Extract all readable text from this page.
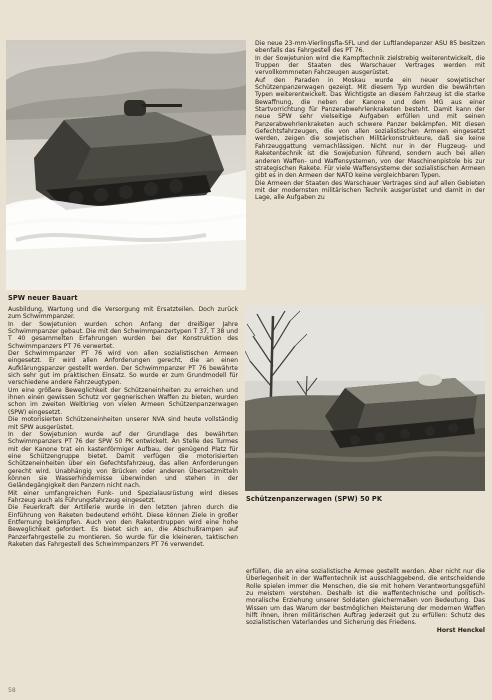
SPW neuer Bauart

Die neue 23-mm-Vierlingsfla-SFL und der Luftlandepanzer ASU 85 besitzen ebenfalls das Fahrgestell des PT 76.

In der Sowjetunion wird die Kampftechnik zielstrebig weiterentwickelt, die Truppen der Staaten des Warschauer Vertrages werden mit vervollkommneten Fahrzeugen ausgerüstet.

Auf den Paraden in Moskau wurde ein neuer sowjetischer Schützenpanzerwagen gezeigt. Mit diesem Typ wurden die bewährten Typen weiterentwickelt. Das Wichtigste an diesem Fahrzeug ist die starke Bewaffnung, die neben der Kanone und dem MG aus einer Startvorrichtung für Panzerabwehrlenkraketen besteht. Damit kann der neue SPW sehr vielseitige Aufgaben erfüllen und mit seinen Panzerabwehrlenkraketen auch schwere Panzer bekämpfen. Mit diesen Gefechtsfahrzeugen, die von allen sozialistischen Armeen eingesetzt werden, zeigen die sowjetischen Militärkonstrukteure, daß sie keine Fahrzeuggattung vernachlässigen. Nicht nur in der Flugzeug- und Raketentechnik ist die Sowjetunion führend, sondern auch bei allen anderen Waffen- und Waffensystemen, von der Maschinenpistole bis zur strategischen Rakete. Für viele Waffensysteme der sozialistischen Armeen gibt es in den Armeen der NATO keine vergleichbaren Typen.

Die Armeen der Staaten des Warschauer Vertrages sind auf allen Gebieten mit der modernsten militärischen Technik ausgerüstet und damit in der Lage, alle Aufgaben zu

Schützenpanzerwagen (SPW) 50 PK

Ausbildung, Wartung und die Versorgung mit Ersatzteilen. Doch zurück zum Schwimmpanzer.

In der Sowjetunion wurden schon Anfang der dreißiger Jahre Schwimmpanzer gebaut. Die mit den Schwimmpanzertypen T 37, T 38 und T 40 gesammelten Erfahrungen wurden bei der Konstruktion des Schwimmpanzers PT 76 verwertet.

Der Schwimmpanzer PT 76 wird von allen sozialistischen Armeen eingesetzt. Er wird allen Anforderungen gerecht, die an einen Aufklärungspanzer gestellt werden. Der Schwimmpanzer PT 76 bewährte sich sehr gut im praktischen Einsatz. So wurde er zum Grundmodell für verschiedene andere Fahrzeugtypen.

Um eine größere Beweglichkeit der Schützeneinheiten zu erreichen und ihnen einen gewissen Schutz vor gegnerischen Waffen zu bieten, wurden schon im zweiten Weltkrieg von vielen Armeen Schützenpanzerwagen (SPW) eingesetzt.

Die motorisierten Schützeneinheiten unserer NVA sind heute vollständig mit SPW ausgerüstet.

In der Sowjetunion wurde auf der Grundlage des bewährten Schwimmpanzers PT 76 der SPW 50 PK entwickelt. An Stelle des Turmes mit der Kanone trat ein kastenförmiger Aufbau, der genügend Platz für eine Schützengruppe bietet. Damit verfügen die motorisierten Schützeneinheiten über ein Gefechtsfahrzeug, das allen Anforderungen gerecht wird. Unabhängig von Brücken oder anderen Übersetzmitteln können sie Wasserhindernisse überwinden und stehen in der Geländegängigkeit den Panzern nicht nach.

Mit einer umfangreichen Funk- und Spezialausrüstung wird dieses Fahrzeug auch als Führungsfahrzeug eingesetzt.

Die Feuerkraft der Artillerie wurde in den letzten Jahren durch die Einführung von Raketen bedeutend erhöht. Diese können Ziele in großer Entfernung bekämpfen. Auch von den Raketentruppen wird eine hohe Beweglichkeit gefordert. Es bietet sich an, die Abschußrampen auf Panzerfahrgestelle zu montieren. So wurde für die kleineren, taktischen Raketen das Fahrgestell des Schwimmpanzers PT 76 verwendet.

erfüllen, die an eine sozialistische Armee gestellt werden. Aber nicht nur die Überlegenheit in der Waffentechnik ist ausschlaggebend, die entscheidende Rolle spielen immer die Menschen, die sie mit hohem Verantwortungsgefühl zu meistern verstehen. Deshalb ist die waffentechnische und politisch-moralische Erziehung unserer Soldaten gleichermaßen von Bedeutung. Das Wissen um das Warum der bestmöglichen Meisterung der modernen Waffen hilft ihnen, ihren militärischen Auftrag jederzeit gut zu erfüllen: Schutz des sozialistischen Vaterlandes und Sicherung des Friedens.

Horst Henckel

58
